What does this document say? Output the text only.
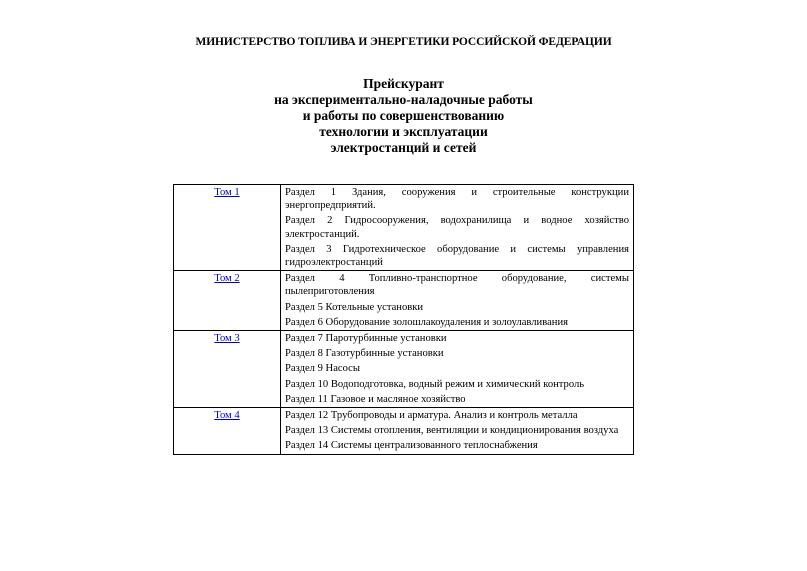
МИНИСТЕРСТВО ТОПЛИВА И ЭНЕРГЕТИКИ РОССИЙСКОЙ ФЕДЕРАЦИИ
Прейскурант
на экспериментально-наладочные работы
и работы по совершенствованию
технологии и эксплуатации
электростанций и сетей
Том 1	Раздел 1 Здания, сооружения и строительные конструкции энергопредприятий.
Раздел 2 Гидросооружения, водохранилища и водное хозяйство электростанций.
Раздел 3 Гидротехническое оборудование и системы управления гидроэлектростанций

Том 2	Раздел 4 Топливно-транспортное оборудование, системы пылеприготовления
Раздел 5 Котельные установки
Раздел 6 Оборудование золошлакоудаления и золоулавливания

Том 3	Раздел 7 Паротурбинные установки
Раздел 8 Газотурбинные установки
Раздел 9 Насосы
Раздел 10 Водоподготовка, водный режим и химический контроль
Раздел 11 Газовое и масляное хозяйство

Том 4	Раздел 12 Трубопроводы и арматура. Анализ и контроль металла
Раздел 13 Системы отопления, вентиляции и кондиционирования воздуха
Раздел 14 Системы централизованного теплоснабжения
